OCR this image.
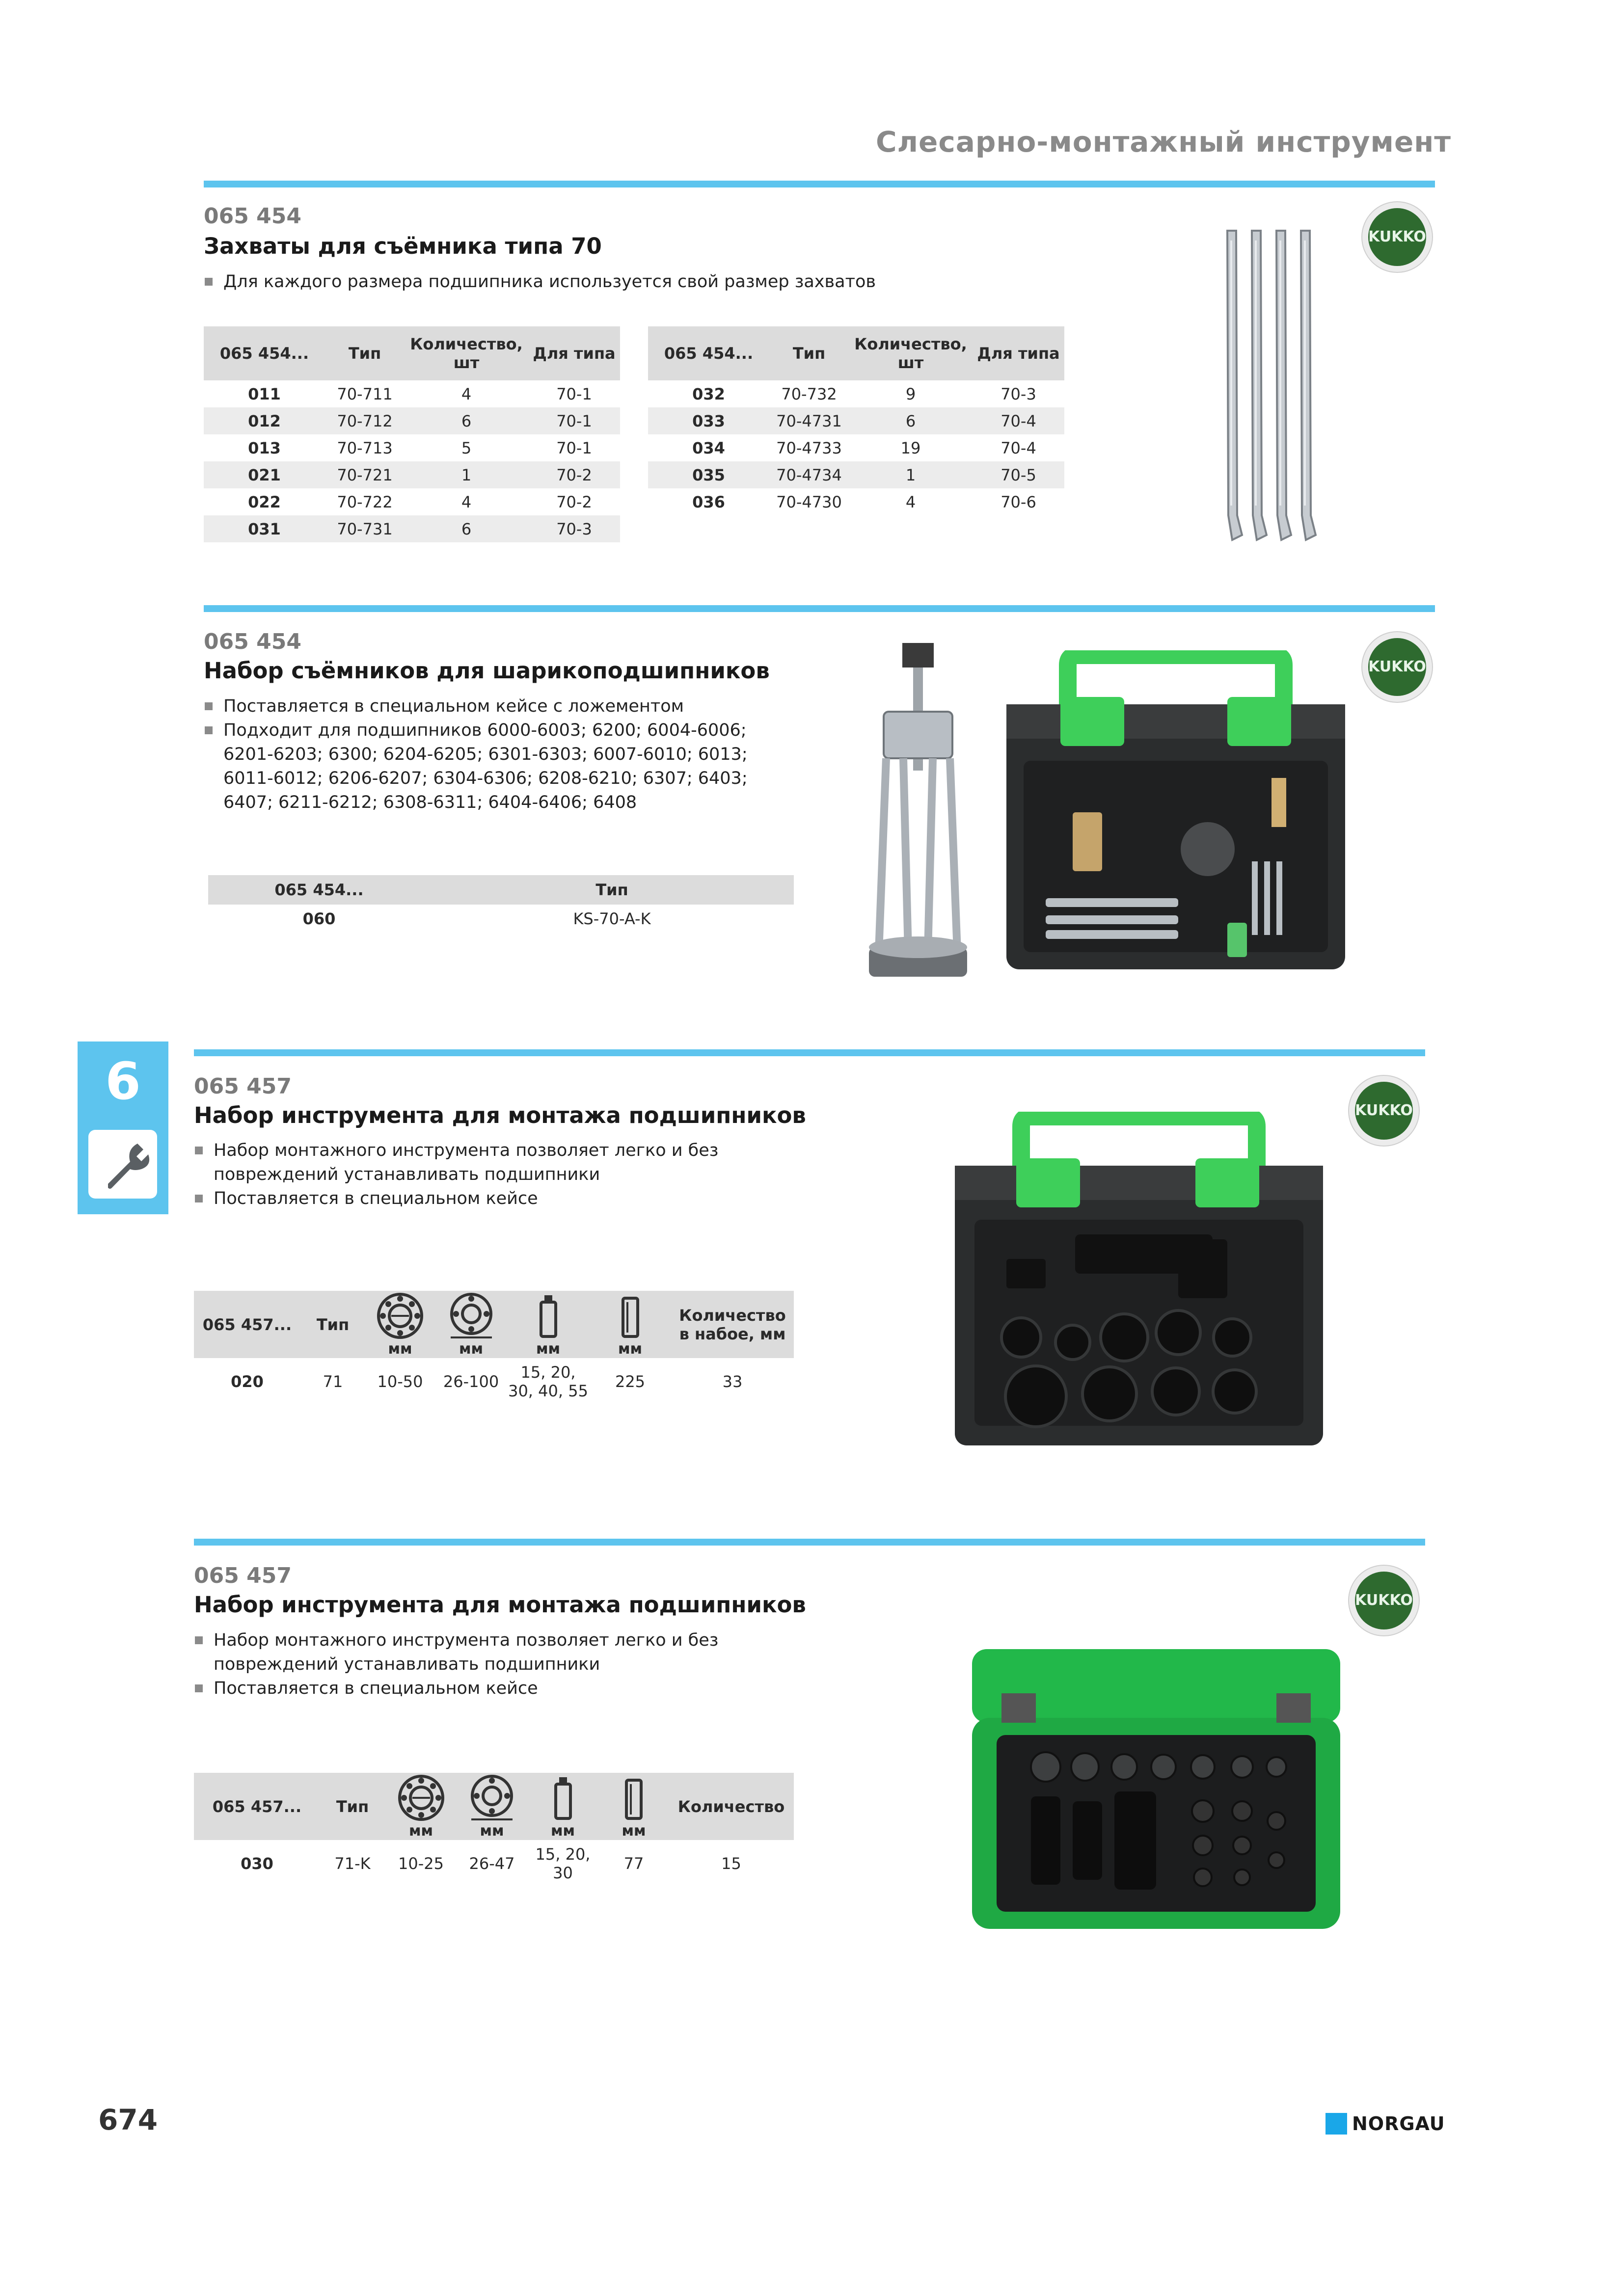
Слесарно-монтажный инструмент
065 454
Захваты для съёмника типа 70
Для каждого размера подшипника используется свой размер захватов
065 454...	Тип	Количество, шт	Для типа
011	70-711	4	70-1
012	70-712	6	70-1
013	70-713	5	70-1
021	70-721	1	70-2
022	70-722	4	70-2
031	70-731	6	70-3
065 454...	Тип	Количество, шт	Для типа
032	70-732	9	70-3
033	70-4731	6	70-4
034	70-4733	19	70-4
035	70-4734	1	70-5
036	70-4730	4	70-6
KUKKO
065 454
Набор съёмников для шарикоподшипников
Поставляется в специальном кейсе с ложементом
Подходит для подшипников 6000-6003; 6200; 6004-6006; 6201-6203; 6300; 6204-6205; 6301-6303; 6007-6010; 6013; 6011-6012; 6206-6207; 6304-6306; 6208-6210; 6307; 6403; 6407; 6211-6212; 6308-6311; 6404-6406; 6408
065 454...	Тип
060	KS-70-A-K
KUKKO
6	065 457
Набор инструмента для монтажа подшипников
Набор монтажного инструмента позволяет легко и без повреждений устанавливать подшипники
Поставляется в специальном кейсе
065 457...	Тип	мм	мм	мм	мм	Количество в набое, мм
020	71	10-50	26-100	15, 20, 30, 40, 55	225	33
KUKKO
065 457
Набор инструмента для монтажа подшипников
Набор монтажного инструмента позволяет легко и без повреждений устанавливать подшипники
Поставляется в специальном кейсе
065 457...	Тип	мм	мм	мм	мм	Количество
030	71-K	10-25	26-47	15, 20, 30	77	15
KUKKO
674	NORGAU
